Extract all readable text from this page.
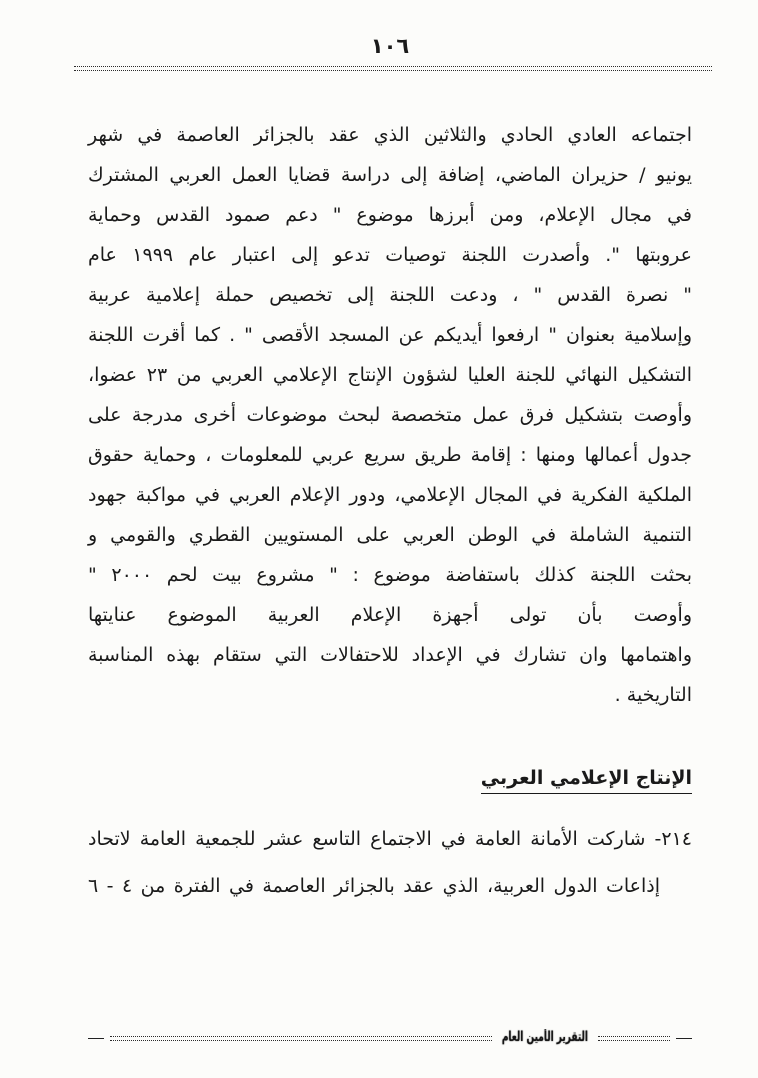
١٠٦
اجتماعه العادي الحادي والثلاثين الذي عقد بالجزائر العاصمة في شهر
يونيو / حزيران الماضي، إضافة إلى دراسة قضايا العمل العربي المشترك
في مجال الإعلام، ومن أبرزها موضوع " دعم صمود القدس وحماية
عروبتها ". وأصدرت اللجنة توصيات تدعو إلى اعتبار عام ١٩٩٩ عام
" نصرة القدس " ، ودعت اللجنة إلى تخصيص حملة إعلامية عربية
وإسلامية بعنوان " ارفعوا أيديكم عن المسجد الأقصى " . كما أقرت اللجنة
التشكيل النهائي للجنة العليا لشؤون الإنتاج الإعلامي العربي من ٢٣ عضوا،
وأوصت بتشكيل فرق عمل متخصصة لبحث موضوعات أخرى مدرجة على
جدول أعمالها ومنها : إقامة طريق سريع عربي للمعلومات ، وحماية حقوق
الملكية الفكرية في المجال الإعلامي، ودور الإعلام العربي في مواكبة جهود
التنمية الشاملة في الوطن العربي على المستويين القطري والقومي و
بحثت اللجنة كذلك باستفاضة موضوع : " مشروع بيت لحم ٢٠٠٠ "
وأوصت بأن تولى أجهزة الإعلام العربية الموضوع عنايتها
واهتمامها وان تشارك في الإعداد للاحتفالات التي ستقام بهذه المناسبة
التاريخية .
الإنتاج الإعلامي العربي
٢١٤- شاركت الأمانة العامة في الاجتماع التاسع عشر للجمعية العامة لاتحاد
إذاعات الدول العربية، الذي عقد بالجزائر العاصمة في الفترة من ٤ - ٦
التقرير الأمين العام
